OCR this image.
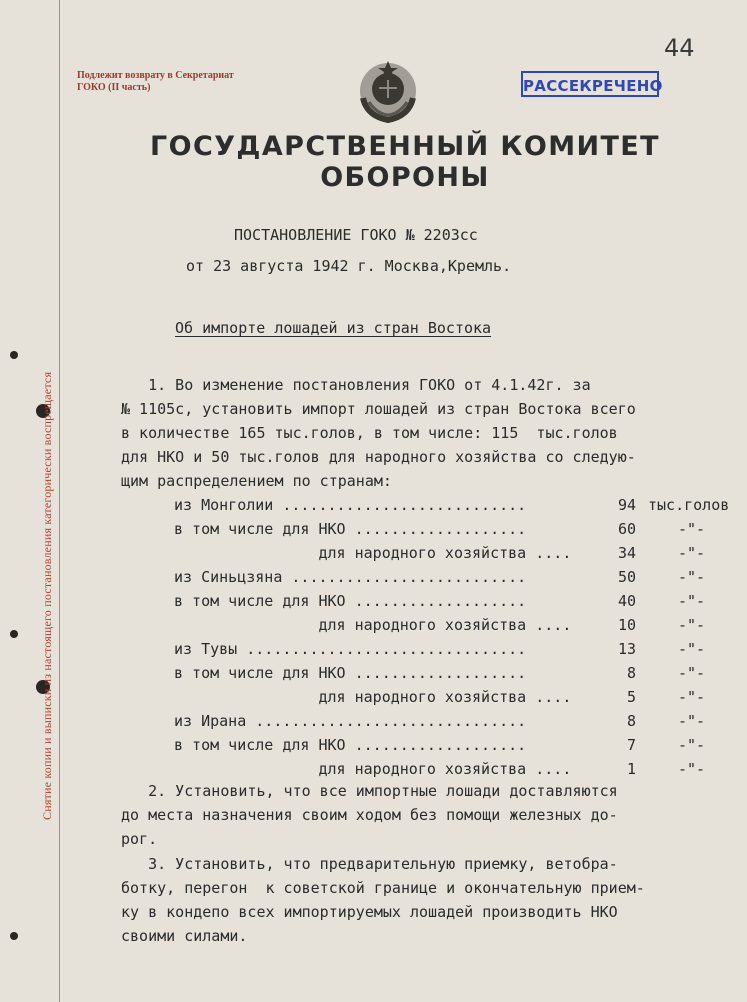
Снятие копии и выписки из настоящего постановления категорически воспрещается
44
Подлежит возврату в Секретариат
ГОКО (II часть)	РАССЕКРЕЧЕНО
ГОСУДАРСТВЕННЫЙ КОМИТЕТ ОБОРОНЫ
ПОСТАНОВЛЕНИЕ ГОКО № 2203сс
от 23 августа 1942 г. Москва,Кремль.
Об импорте лошадей из стран Востока
1. Во изменение постановления ГОКО от 4.1.42г. за
№ 1105с, установить импорт лошадей из стран Востока всего
в количестве 165 тыс.голов, в том числе: 115  тыс.голов
для НКО и 50 тыс.голов для народного хозяйства со следую-
щим распределением по странам:
из Монголии ...........................	94 тыс.голов
в том числе для НКО ...................	60	-"-
для народного хозяйства ....	34	-"-
из Синьцзяна ..........................	50	-"-
в том числе для НКО ...................	40	-"-
для народного хозяйства ....	10	-"-
из Тувы ...............................	13	-"-
в том числе для НКО ...................	8	-"-
для народного хозяйства ....	5	-"-
из Ирана ..............................	8	-"-
в том числе для НКО ...................	7	-"-
для народного хозяйства ....	1	-"-
2. Установить, что все импортные лошади доставляются
до места назначения своим ходом без помощи железных до-
рог.
3. Установить, что предварительную приемку, ветобра-
ботку, перегон  к советской границе и окончательную прием-
ку в кондепо всех импортируемых лошадей производить НКО
своими силами.
